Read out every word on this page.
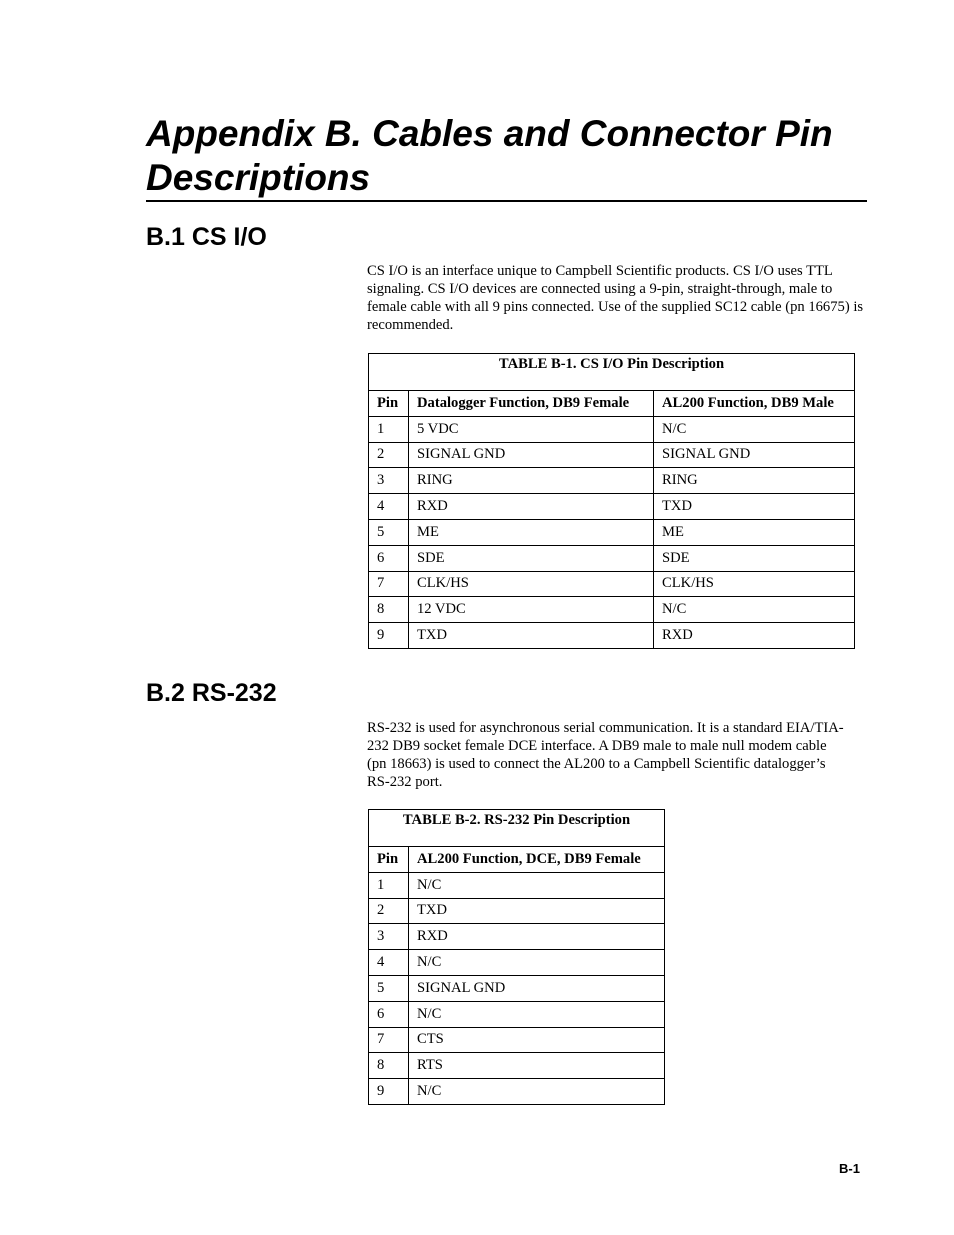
Appendix B. Cables and Connector Pin Descriptions
B.1 CS I/O

CS I/O is an interface unique to Campbell Scientific products. CS I/O uses TTL signaling. CS I/O devices are connected using a 9-pin, straight-through, male to female cable with all 9 pins connected. Use of the supplied SC12 cable (pn 16675) is recommended.

TABLE B-1. CS I/O Pin Description		
Pin	Datalogger Function, DB9 Female	AL200 Function, DB9 Male
1	5 VDC	N/C
2	SIGNAL GND	SIGNAL GND
3	RING	RING
4	RXD	TXD
5	ME	ME
6	SDE	SDE
7	CLK/HS	CLK/HS
8	12 VDC	N/C
9	TXD	RXD
B.2 RS-232

RS-232 is used for asynchronous serial communication. It is a standard EIA/TIA-232 DB9 socket female DCE interface. A DB9 male to male null modem cable (pn 18663) is used to connect the AL200 to a Campbell Scientific datalogger’s RS-232 port.

TABLE B-2. RS-232 Pin Description	
Pin	AL200 Function, DCE, DB9 Female
1	N/C
2	TXD
3	RXD
4	N/C
5	SIGNAL GND
6	N/C
7	CTS
8	RTS
9	N/C
B-1
